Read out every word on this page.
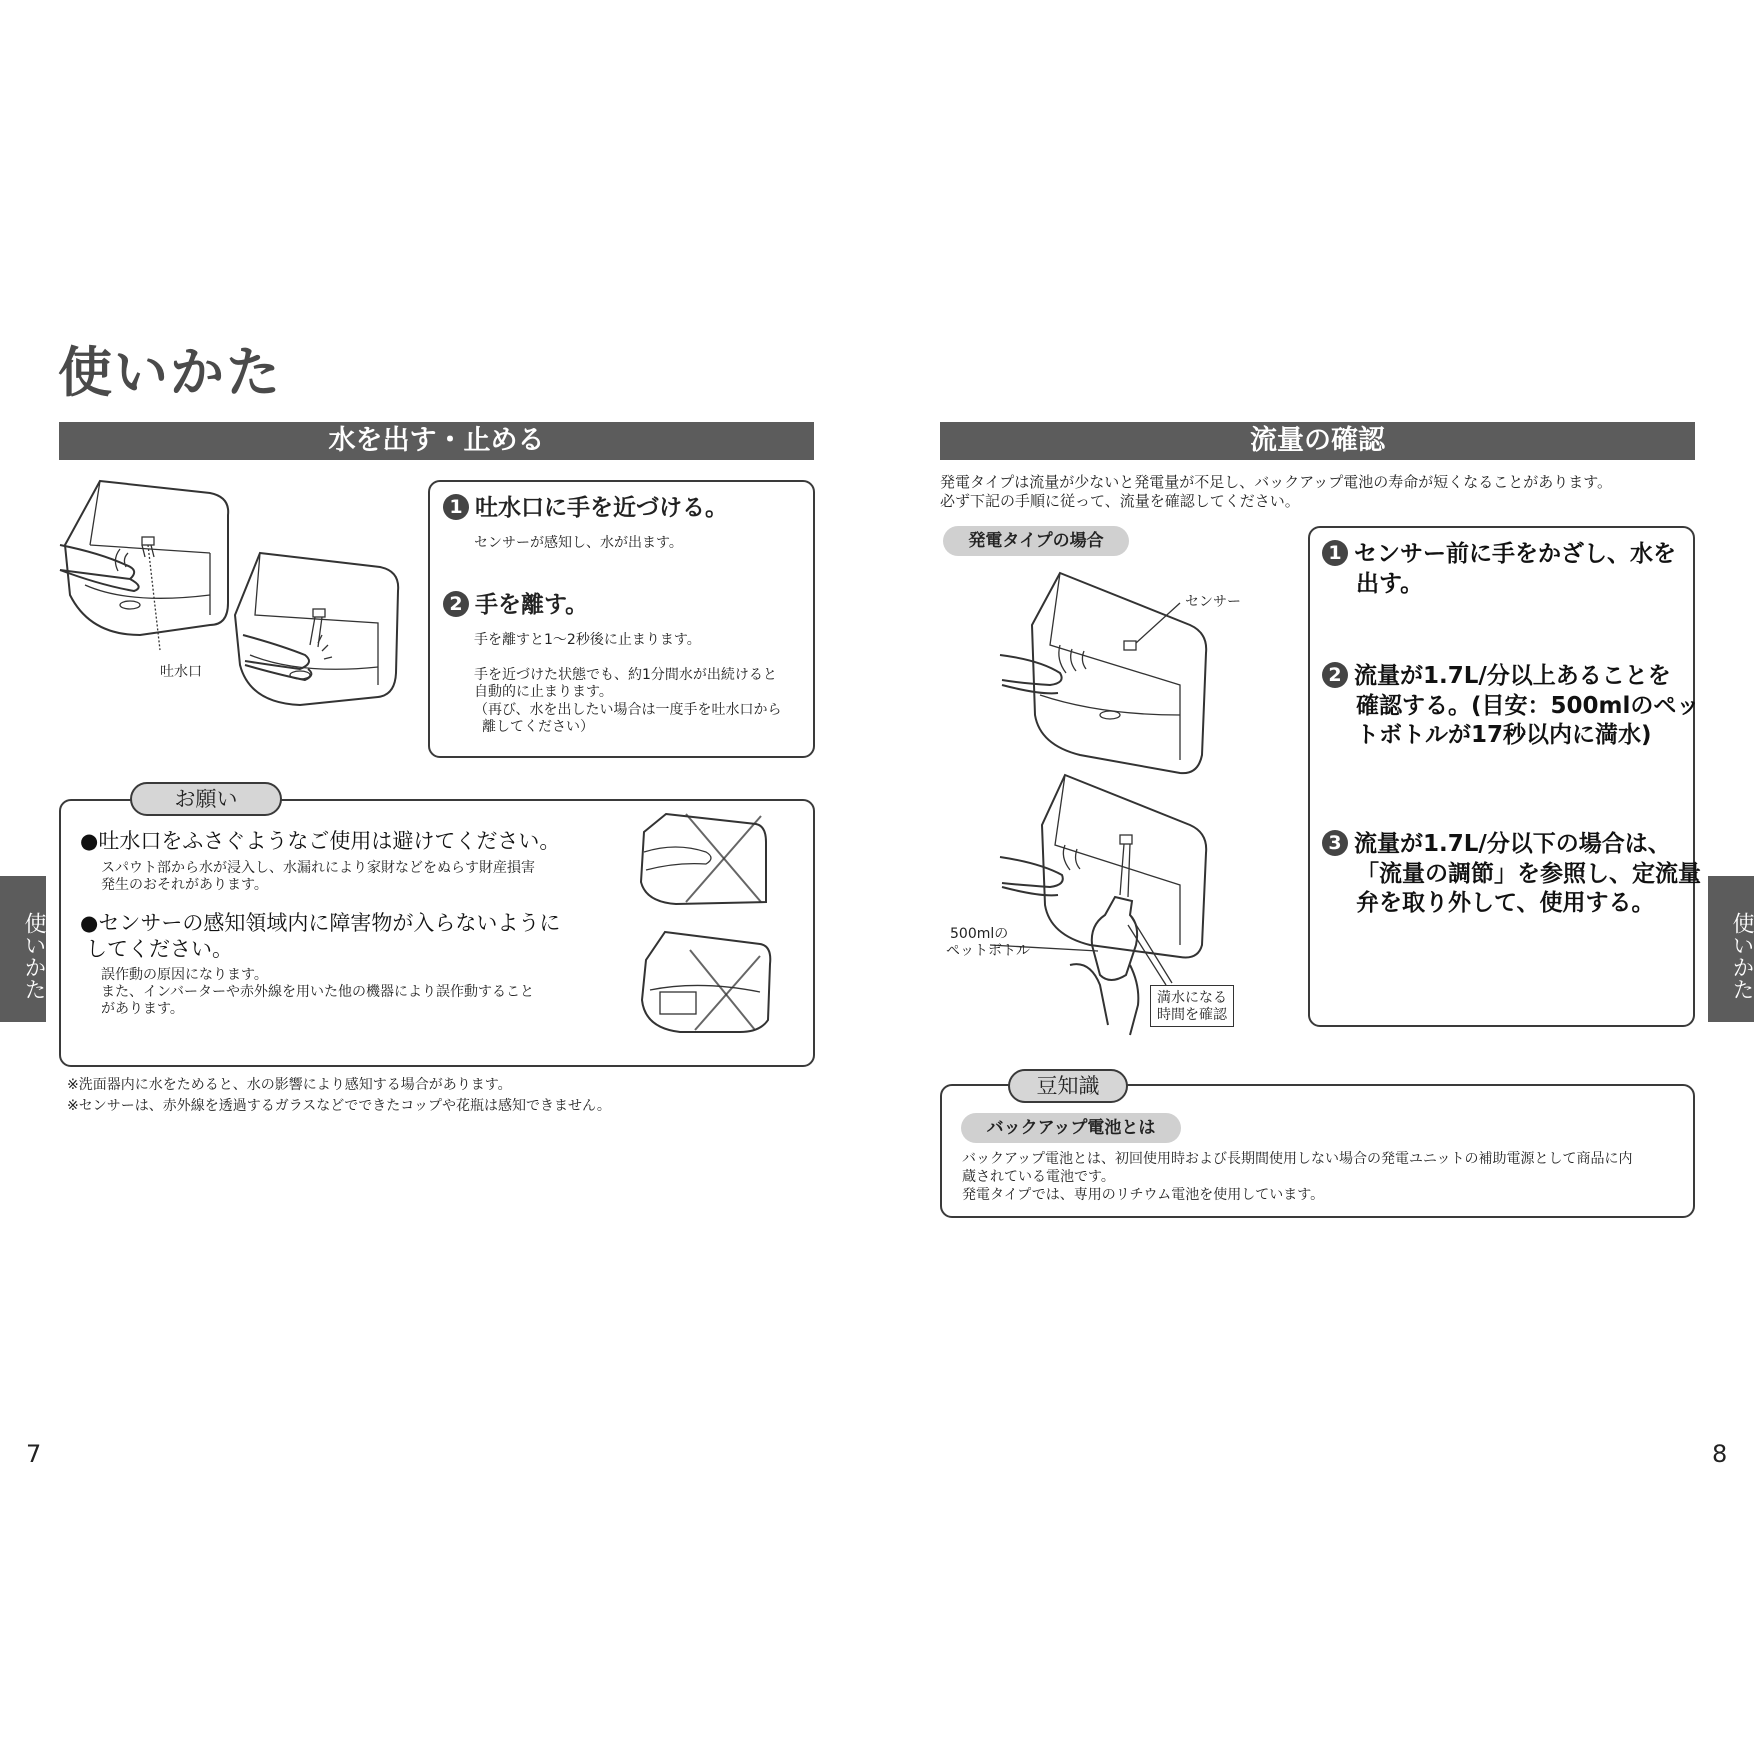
使いかた
水を出す・止める
吐水口
1 吐水口に手を近づける。
センサーが感知し、水が出ます。
2 手を離す。
手を離すと1～2秒後に止まります。
手を近づけた状態でも、約1分間水が出続けると
自動的に止まります。
（再び、水を出したい場合は一度手を吐水口から
離してください）
お願い
●吐水口をふさぐようなご使用は避けてください。
スパウト部から水が浸入し、水漏れにより家財などをぬらす財産損害
発生のおそれがあります。
●センサーの感知領域内に障害物が入らないように
してください。
誤作動の原因になります。
また、インバーターや赤外線を用いた他の機器により誤作動すること
があります。
※洗面器内に水をためると、水の影響により感知する場合があります。
※センサーは、赤外線を透過するガラスなどでできたコップや花瓶は感知できません。
使いかた
7
流量の確認
発電タイプは流量が少ないと発電量が不足し、バックアップ電池の寿命が短くなることがあります。
必ず下記の手順に従って、流量を確認してください。
発電タイプの場合
センサー
500mlの
ペットボトル
満水になる
時間を確認
1 センサー前に手をかざし、水を
出す。
2 流量が1.7L/分以上あることを
確認する。(目安：500mlのペッ
トボトルが17秒以内に満水)
3 流量が1.7L/分以下の場合は、
「流量の調節」を参照し、定流量
弁を取り外して、使用する。
豆知識
バックアップ電池とは
バックアップ電池とは、初回使用時および長期間使用しない場合の発電ユニットの補助電源として商品に内
蔵されている電池です。
発電タイプでは、専用のリチウム電池を使用しています。
使いかた
8
